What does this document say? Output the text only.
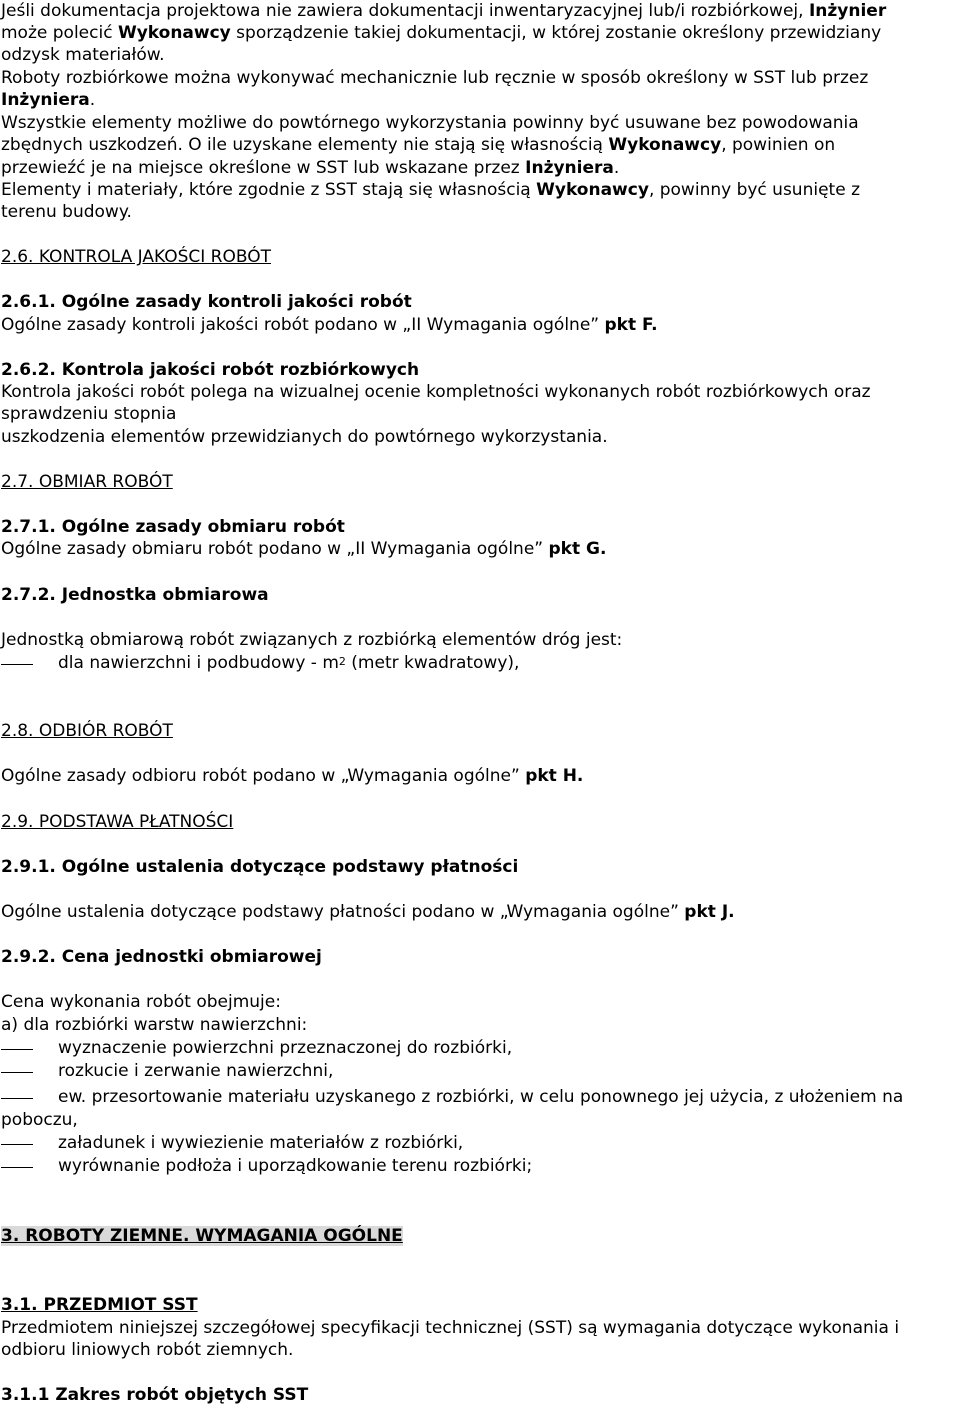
Jeśli dokumentacja projektowa nie zawiera dokumentacji inwentaryzacyjnej lub/i rozbiórkowej, Inżynier
może polecić Wykonawcy sporządzenie takiej dokumentacji, w której zostanie określony przewidziany
odzysk materiałów.
Roboty rozbiórkowe można wykonywać mechanicznie lub ręcznie w sposób określony w SST lub przez
Inżyniera.
Wszystkie elementy możliwe do powtórnego wykorzystania powinny być usuwane bez powodowania
zbędnych uszkodzeń. O ile uzyskane elementy nie stają się własnością Wykonawcy, powinien on
przewieźć je na miejsce określone w SST lub wskazane przez Inżyniera.
Elementy i materiały, które zgodnie z SST stają się własnością Wykonawcy, powinny być usunięte z
terenu budowy.
2.6. KONTROLA JAKOŚCI ROBÓT
2.6.1. Ogólne zasady kontroli jakości robót
Ogólne zasady kontroli jakości robót podano w „II Wymagania ogólne” pkt F.
2.6.2. Kontrola jakości robót rozbiórkowych
Kontrola jakości robót polega na wizualnej ocenie kompletności wykonanych robót rozbiórkowych oraz
sprawdzeniu stopnia
uszkodzenia elementów przewidzianych do powtórnego wykorzystania.
2.7. OBMIAR ROBÓT
2.7.1. Ogólne zasady obmiaru robót
Ogólne zasady obmiaru robót podano w „II Wymagania ogólne” pkt G.
2.7.2. Jednostka obmiarowa
Jednostką obmiarową robót związanych z rozbiórką elementów dróg jest:
dla nawierzchni i podbudowy - $m^2$ (metr kwadratowy),
2.8. ODBIÓR ROBÓT
Ogólne zasady odbioru robót podano w „Wymagania ogólne” pkt H.
2.9. PODSTAWA PŁATNOŚCI
2.9.1. Ogólne ustalenia dotyczące podstawy płatności
Ogólne ustalenia dotyczące podstawy płatności podano w „Wymagania ogólne” pkt J.
2.9.2. Cena jednostki obmiarowej
Cena wykonania robót obejmuje:
a) dla rozbiórki warstw nawierzchni:
wyznaczenie powierzchni przeznaczonej do rozbiórki,
rozkucie i zerwanie nawierzchni,
ew. przesortowanie materiału uzyskanego z rozbiórki, w celu ponownego jej użycia, z ułożeniem na
poboczu,
załadunek i wywiezienie materiałów z rozbiórki,
wyrównanie podłoża i uporządkowanie terenu rozbiórki;
3. ROBOTY ZIEMNE. WYMAGANIA OGÓLNE
3.1. PRZEDMIOT SST
Przedmiotem niniejszej szczegółowej specyfikacji technicznej (SST) są wymagania dotyczące wykonania i
odbioru liniowych robót ziemnych.
3.1.1 Zakres robót objętych SST
